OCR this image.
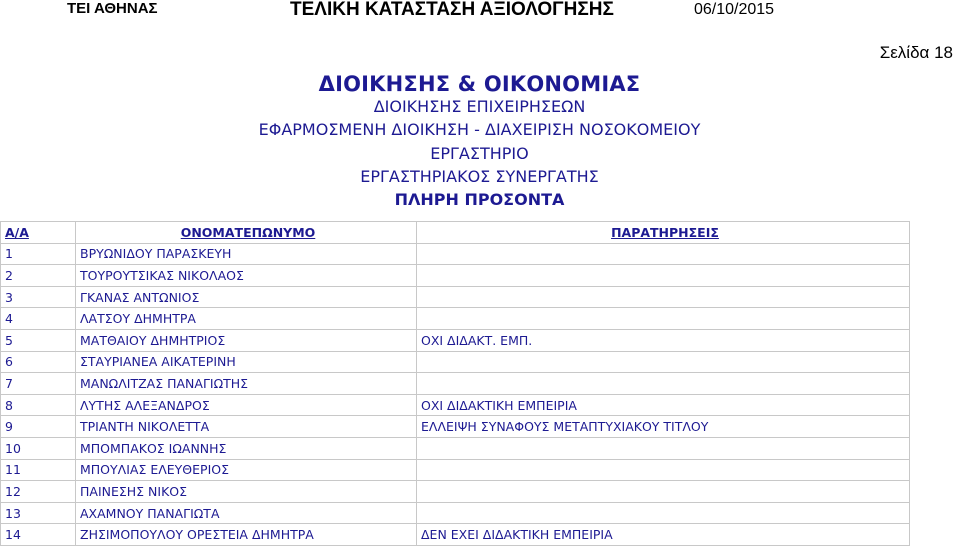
ΤΕΙ ΑΘΗΝΑΣ	ΤΕΛΙΚΗ ΚΑΤΑΣΤΑΣΗ ΑΞΙΟΛΟΓΗΣΗΣ	06/10/2015
Σελίδα 18
ΔΙΟΙΚΗΣΗΣ & ΟΙΚΟΝΟΜΙΑΣ
ΔΙΟΙΚΗΣΗΣ ΕΠΙΧΕΙΡΗΣΕΩΝ
ΕΦΑΡΜΟΣΜΕΝΗ ΔΙΟΙΚΗΣΗ - ΔΙΑΧΕΙΡΙΣΗ ΝΟΣΟΚΟΜΕΙΟΥ
ΕΡΓΑΣΤΗΡΙΟ
ΕΡΓΑΣΤΗΡΙΑΚΟΣ ΣΥΝΕΡΓΑΤΗΣ
ΠΛΗΡΗ ΠΡΟΣΟΝΤΑ
Α/Α	ΟΝΟΜΑΤΕΠΩΝΥΜΟ	ΠΑΡΑΤΗΡΗΣΕΙΣ
1	ΒΡΥΩΝΙΔΟΥ ΠΑΡΑΣΚΕΥΗ	
2	ΤΟΥΡΟΥΤΣΙΚΑΣ ΝΙΚΟΛΑΟΣ	
3	ΓΚΑΝΑΣ ΑΝΤΩΝΙΟΣ	
4	ΛΑΤΣΟΥ ΔΗΜΗΤΡΑ	
5	ΜΑΤΘΑΙΟΥ ΔΗΜΗΤΡΙΟΣ	ΟΧΙ ΔΙΔΑΚΤ. ΕΜΠ.
6	ΣΤΑΥΡΙΑΝΕΑ ΑΙΚΑΤΕΡΙΝΗ	
7	ΜΑΝΩΛΙΤΖΑΣ ΠΑΝΑΓΙΩΤΗΣ	
8	ΛΥΤΗΣ ΑΛΕΞΑΝΔΡΟΣ	ΟΧΙ ΔΙΔΑΚΤΙΚΗ ΕΜΠΕΙΡΙΑ
9	ΤΡΙΑΝΤΗ ΝΙΚΟΛΕΤΤΑ	ΕΛΛΕΙΨΗ ΣΥΝΑΦΟΥΣ ΜΕΤΑΠΤΥΧΙΑΚΟΥ ΤΙΤΛΟΥ
10	ΜΠΟΜΠΑΚΟΣ ΙΩΑΝΝΗΣ	
11	ΜΠΟΥΛΙΑΣ ΕΛΕΥΘΕΡΙΟΣ	
12	ΠΑΙΝΕΣΗΣ ΝΙΚΟΣ	
13	ΑΧΑΜΝΟΥ ΠΑΝΑΓΙΩΤΑ	
14	ΖΗΣΙΜΟΠΟΥΛΟΥ ΟΡΕΣΤΕΙΑ ΔΗΜΗΤΡΑ	ΔΕΝ ΕΧΕΙ ΔΙΔΑΚΤΙΚΗ ΕΜΠΕΙΡΙΑ
